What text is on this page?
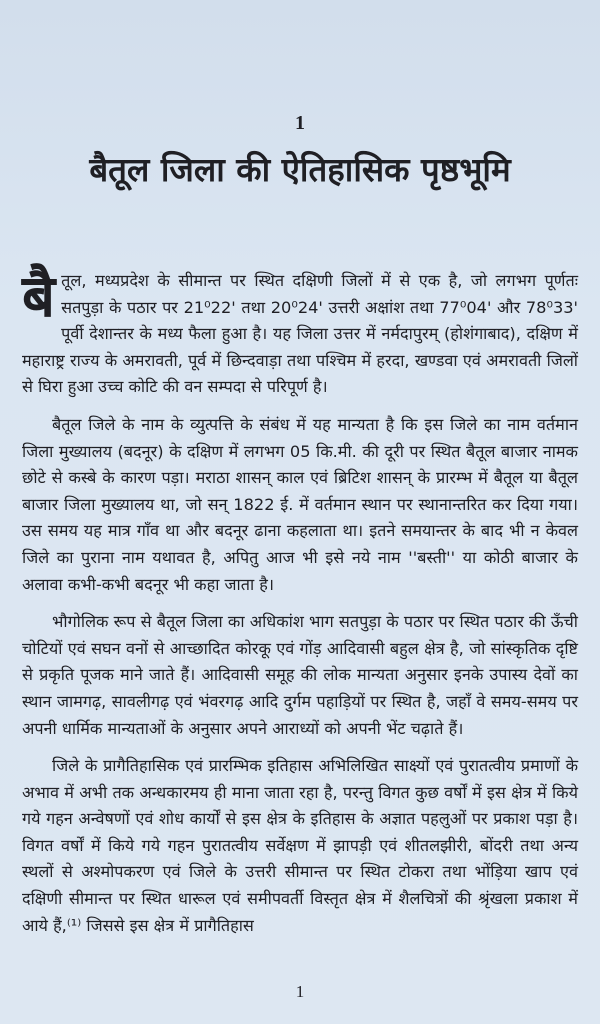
1
बैतूल जिला की ऐतिहासिक पृष्ठभूमि

बैतूल, मध्यप्रदेश के सीमान्त पर स्थित दक्षिणी जिलों में से एक है, जो लगभग पूर्णतः सतपुड़ा के पठार पर 21⁰22' तथा 20⁰24' उत्तरी अक्षांश तथा 77⁰04' और 78⁰33' पूर्वी देशान्तर के मध्य फैला हुआ है। यह जिला उत्तर में नर्मदापुरम् (होशंगाबाद), दक्षिण में महाराष्ट्र राज्य के अमरावती, पूर्व में छिन्दवाड़ा तथा पश्चिम में हरदा, खण्डवा एवं अमरावती जिलों से घिरा हुआ उच्च कोटि की वन सम्पदा से परिपूर्ण है।

बैतूल जिले के नाम के व्युत्पत्ति के संबंध में यह मान्यता है कि इस जिले का नाम वर्तमान जिला मुख्यालय (बदनूर) के दक्षिण में लगभग 05 कि.मी. की दूरी पर स्थित बैतूल बाजार नामक छोटे से कस्बे के कारण पड़ा। मराठा शासन् काल एवं ब्रिटिश शासन् के प्रारम्भ में बैतूल या बैतूल बाजार जिला मुख्यालय था, जो सन् 1822 ई. में वर्तमान स्थान पर स्थानान्तरित कर दिया गया। उस समय यह मात्र गाँव था और बदनूर ढाना कहलाता था। इतने समयान्तर के बाद भी न केवल जिले का पुराना नाम यथावत है, अपितु आज भी इसे नये नाम ''बस्ती'' या कोठी बाजार के अलावा कभी-कभी बदनूर भी कहा जाता है।

भौगोलिक रूप से बैतूल जिला का अधिकांश भाग सतपुड़ा के पठार पर स्थित पठार की ऊँची चोटियों एवं सघन वनों से आच्छादित कोरकू एवं गोंड़ आदिवासी बहुल क्षेत्र है, जो सांस्कृतिक दृष्टि से प्रकृति पूजक माने जाते हैं। आदिवासी समूह की लोक मान्यता अनुसार इनके उपास्य देवों का स्थान जामगढ़, सावलीगढ़ एवं भंवरगढ़ आदि दुर्गम पहाड़ियों पर स्थित है, जहाँ वे समय-समय पर अपनी धार्मिक मान्यताओं के अनुसार अपने आराध्यों को अपनी भेंट चढ़ाते हैं।

जिले के प्रागैतिहासिक एवं प्रारम्भिक इतिहास अभिलिखित साक्ष्यों एवं पुरातत्वीय प्रमाणों के अभाव में अभी तक अन्धकारमय ही माना जाता रहा है, परन्तु विगत कुछ वर्षों में इस क्षेत्र में किये गये गहन अन्वेषणों एवं शोध कार्यों से इस क्षेत्र के इतिहास के अज्ञात पहलुओं पर प्रकाश पड़ा है। विगत वर्षों में किये गये गहन पुरातत्वीय सर्वेक्षण में झापड़ी एवं शीतलझीरी, बोंदरी तथा अन्य स्थलों से अश्मोपकरण एवं जिले के उत्तरी सीमान्त पर स्थित टोकरा तथा भोंड़िया खाप एवं दक्षिणी सीमान्त पर स्थित धारूल एवं समीपवर्ती विस्तृत क्षेत्र में शैलचित्रों की श्रृंखला प्रकाश में आये हैं,⁽¹⁾ जिससे इस क्षेत्र में प्रागैतिहास

1
